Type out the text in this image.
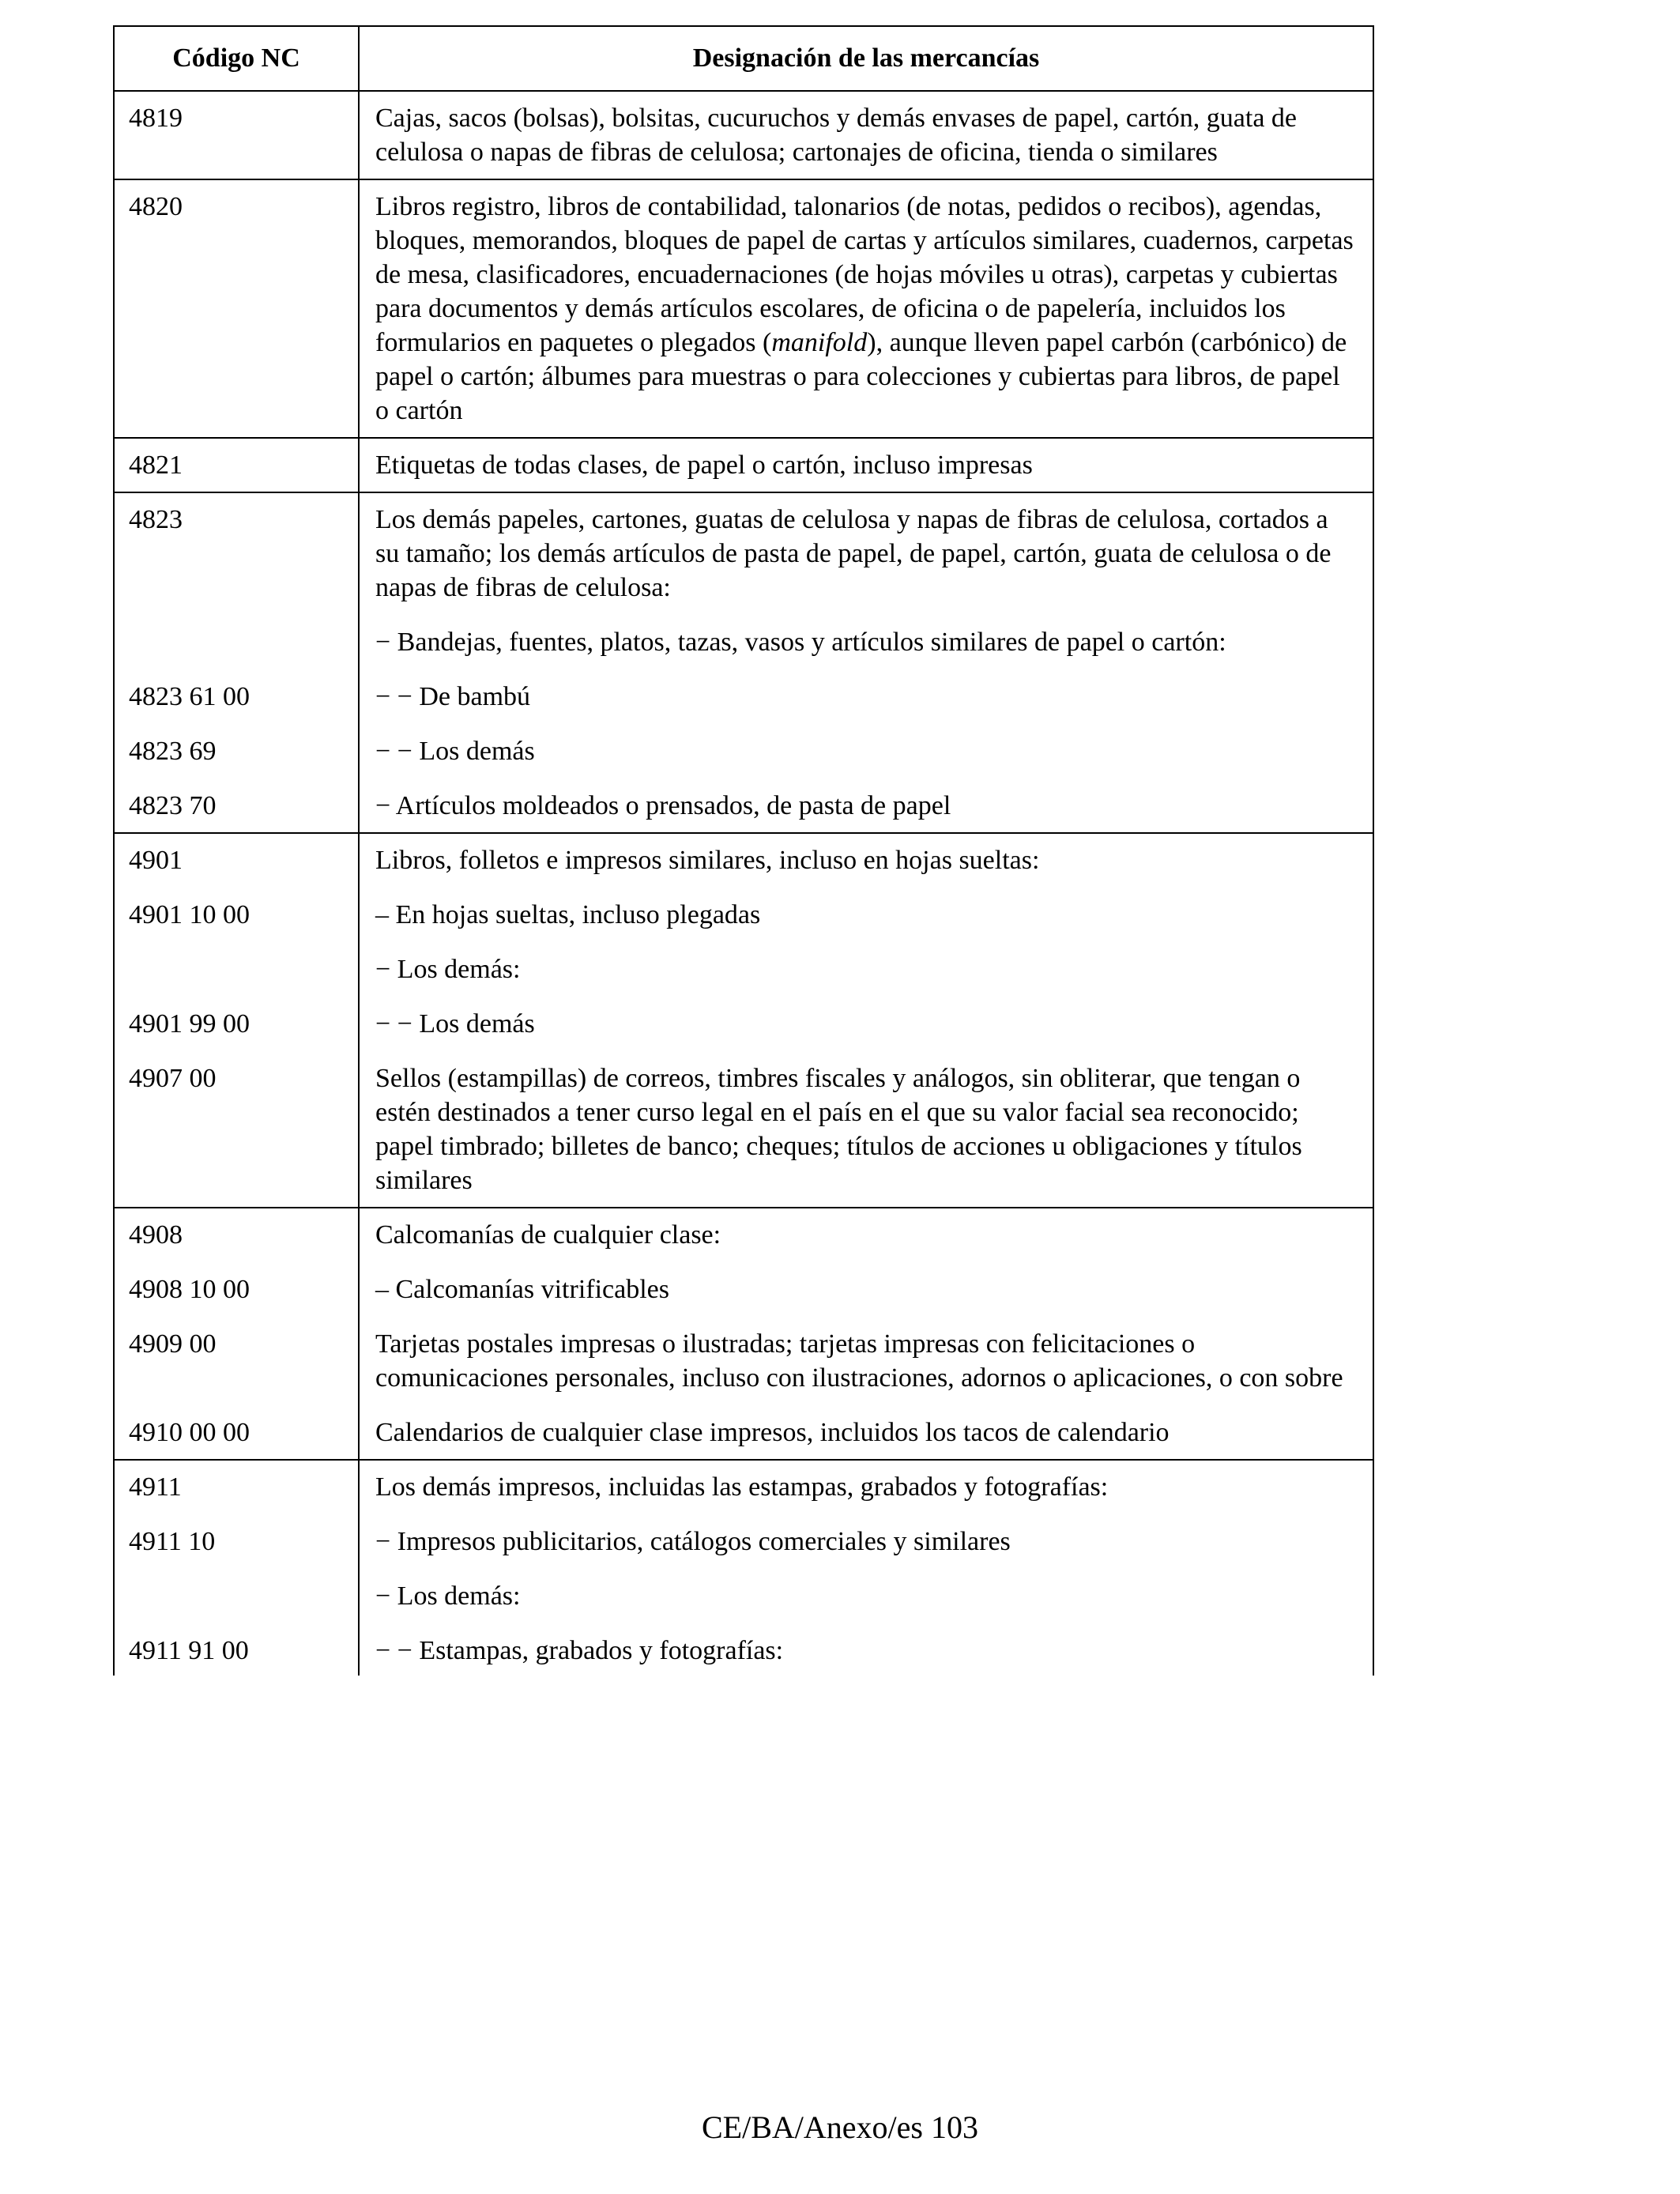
Código NC	Designación de las mercancías

4819	Cajas, sacos (bolsas), bolsitas, cucuruchos y demás envases de papel, cartón, guata de celulosa o napas de fibras de celulosa; cartonajes de oficina, tienda o similares

4820	Libros registro, libros de contabilidad, talonarios (de notas, pedidos o recibos), agendas, bloques, memorandos, bloques de papel de cartas y artículos similares, cuadernos, carpetas de mesa, clasificadores, encuadernaciones (de hojas móviles u otras), carpetas y cubiertas para documentos y demás artículos escolares, de oficina o de papelería, incluidos los formularios en paquetes o plegados (manifold), aunque lleven papel carbón (carbónico) de papel o cartón; álbumes para muestras o para colecciones y cubiertas para libros, de papel o cartón

4821	Etiquetas de todas clases, de papel o cartón, incluso impresas

4823	Los demás papeles, cartones, guatas de celulosa y napas de fibras de celulosa, cortados a su tamaño; los demás artículos de pasta de papel, de papel, cartón, guata de celulosa o de napas de fibras de celulosa:

	− Bandejas, fuentes, platos, tazas, vasos y artículos similares de papel o cartón:

4823 61 00	− − De bambú

4823 69	− − Los demás

4823 70	− Artículos moldeados o prensados, de pasta de papel

4901	Libros, folletos e impresos similares, incluso en hojas sueltas:

4901 10 00	– En hojas sueltas, incluso plegadas

	− Los demás:

4901 99 00	− − Los demás

4907 00	Sellos (estampillas) de correos, timbres fiscales y análogos, sin obliterar, que tengan o estén destinados a tener curso legal en el país en el que su valor facial sea reconocido; papel timbrado; billetes de banco; cheques; títulos de acciones u obligaciones y títulos similares

4908	Calcomanías de cualquier clase:

4908 10 00	– Calcomanías vitrificables

4909 00	Tarjetas postales impresas o ilustradas; tarjetas impresas con felicitaciones o comunicaciones personales, incluso con ilustraciones, adornos o aplicaciones, o con sobre

4910 00 00	Calendarios de cualquier clase impresos, incluidos los tacos de calendario

4911	Los demás impresos, incluidas las estampas, grabados y fotografías:

4911 10	− Impresos publicitarios, catálogos comerciales y similares

	− Los demás:

4911 91 00	− − Estampas, grabados y fotografías:
CE/BA/Anexo/es 103
